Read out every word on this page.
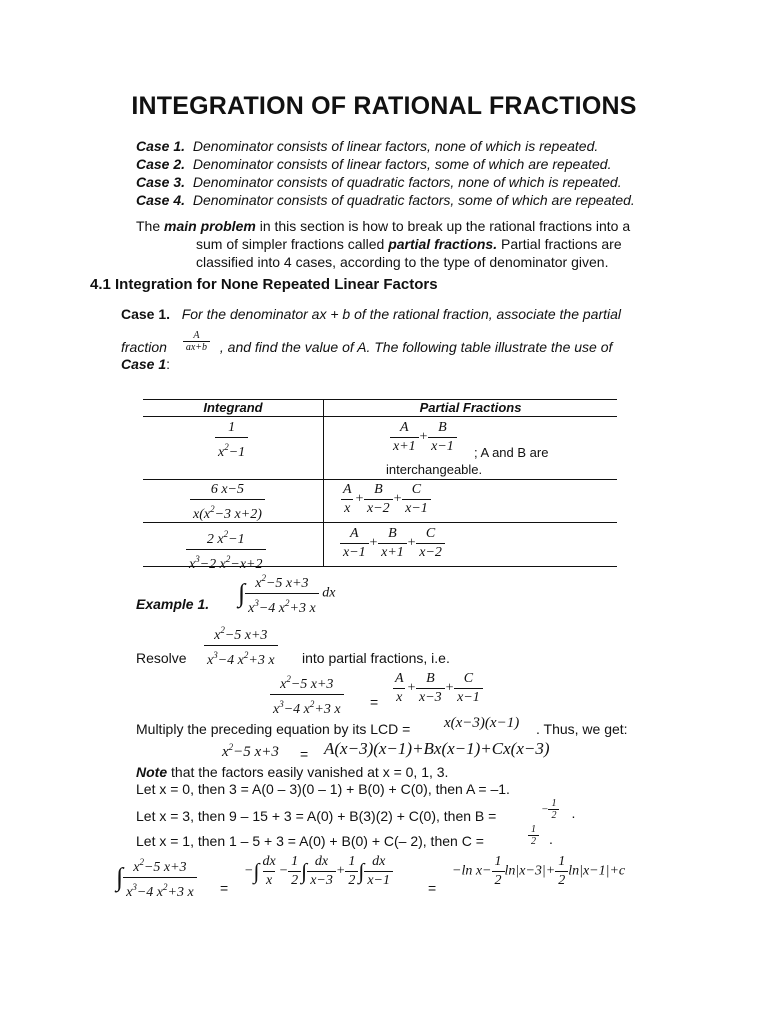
INTEGRATION OF RATIONAL FRACTIONS
Case 1. Denominator consists of linear factors, none of which is repeated.
Case 2. Denominator consists of linear factors, some of which are repeated.
Case 3. Denominator consists of quadratic factors, none of which is repeated.
Case 4. Denominator consists of quadratic factors, some of which are repeated.
The main problem in this section is how to break up the rational fractions into a
sum of simpler fractions called partial fractions. Partial fractions are
classified into 4 cases, according to the type of denominator given.
4.1 Integration for None Repeated Linear Factors
Case 1. For the denominator ax + b of the rational fraction, associate the partial
fraction $\frac{A}{ax+b}$ , and find the value of A. The following table illustrate the use of
Case 1:
Integrand	Partial Fractions
$\frac{1}{x^2-1}$	$\frac{A}{x+1} + \frac{B}{x-1}$ ; A and B are
interchangeable.
$\frac{6 x-5}{x(x^2-3 x+2)}$	$\frac{A}{x} + \frac{B}{x-2} + \frac{C}{x-1}$
$\frac{2 x^2-1}{x^3-2 x^2-x+2}$	$\frac{A}{x-1} + \frac{B}{x+1} + \frac{C}{x-2}$
∫ $\frac{x^2-5 x+3}{x^3-4 x^2+3 x}$ dx
Example 1.
Resolve $\frac{x^2-5 x+3}{x^3-4 x^2+3 x}$ into partial fractions, i.e.
$\frac{x^2-5 x+3}{x^3-4 x^2+3 x} = \frac{A}{x} + \frac{B}{x-3} + \frac{C}{x-1}$
Multiply the preceding equation by its LCD = x(x−3)(x−1) . Thus, we get:
$x^2-5$ x+3 = A(x−3)(x−1)+Bx(x−1)+Cx(x−3)
Note that the factors easily vanished at x = 0, 1, 3.
Let x = 0, then 3 = A(0 – 3)(0 – 1) + B(0) + C(0), then A = –1.
Let x = 3, then 9 – 15 + 3 = A(0) + B(3)(2) + C(0), then B =	− $\frac{1}{2}$ .
Let x = 1, then 1 – 5 + 3 = A(0) + B(0) + C(– 2), then C =	$\frac{1}{2}$ .
∫ $\frac{x^2-5 x+3}{x^3-4 x^2+3 x}$ =
−∫ $\frac{dx}{x} - \frac{1}{2}$ ∫ $\frac{dx}{x-3} + \frac{1}{2}$ ∫ $\frac{dx}{x-1}$ =
−ln $x- \frac{1}{2} \ln|x-3|+ \frac{1}{2} \ln|x-1|+c$
